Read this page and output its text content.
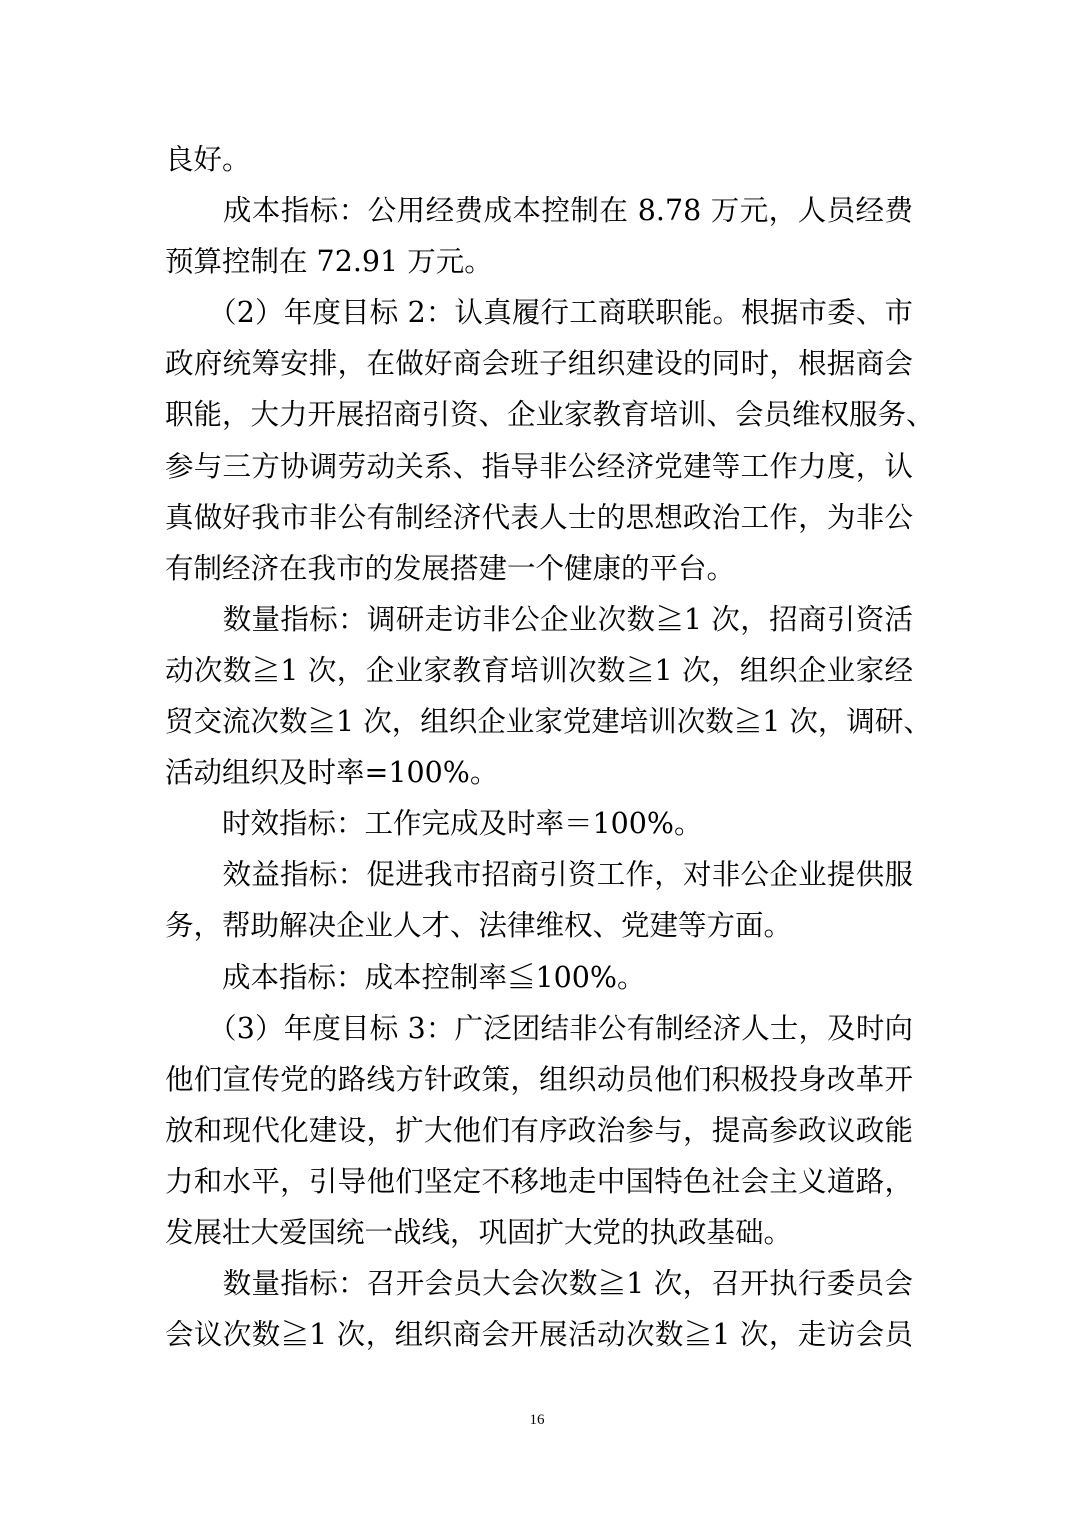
良好。
　　成本指标：公用经费成本控制在 8.78 万元，人员经费
预算控制在 72.91 万元。
　　（2）年度目标 2：认真履行工商联职能。根据市委、市
政府统筹安排，在做好商会班子组织建设的同时，根据商会
职能，大力开展招商引资、企业家教育培训、会员维权服务、
参与三方协调劳动关系、指导非公经济党建等工作力度，认
真做好我市非公有制经济代表人士的思想政治工作，为非公
有制经济在我市的发展搭建一个健康的平台。
　　数量指标：调研走访非公企业次数≧1 次，招商引资活
动次数≧1 次，企业家教育培训次数≧1 次，组织企业家经
贸交流次数≧1 次，组织企业家党建培训次数≧1 次，调研、
活动组织及时率=100%。
　　时效指标：工作完成及时率＝100%。
　　效益指标：促进我市招商引资工作，对非公企业提供服
务，帮助解决企业人才、法律维权、党建等方面。
　　成本指标：成本控制率≦100%。
　　（3）年度目标 3：广泛团结非公有制经济人士，及时向
他们宣传党的路线方针政策，组织动员他们积极投身改革开
放和现代化建设，扩大他们有序政治参与，提高参政议政能
力和水平，引导他们坚定不移地走中国特色社会主义道路，
发展壮大爱国统一战线，巩固扩大党的执政基础。
　　数量指标：召开会员大会次数≧1 次，召开执行委员会
会议次数≧1 次，组织商会开展活动次数≧1 次，走访会员
16
